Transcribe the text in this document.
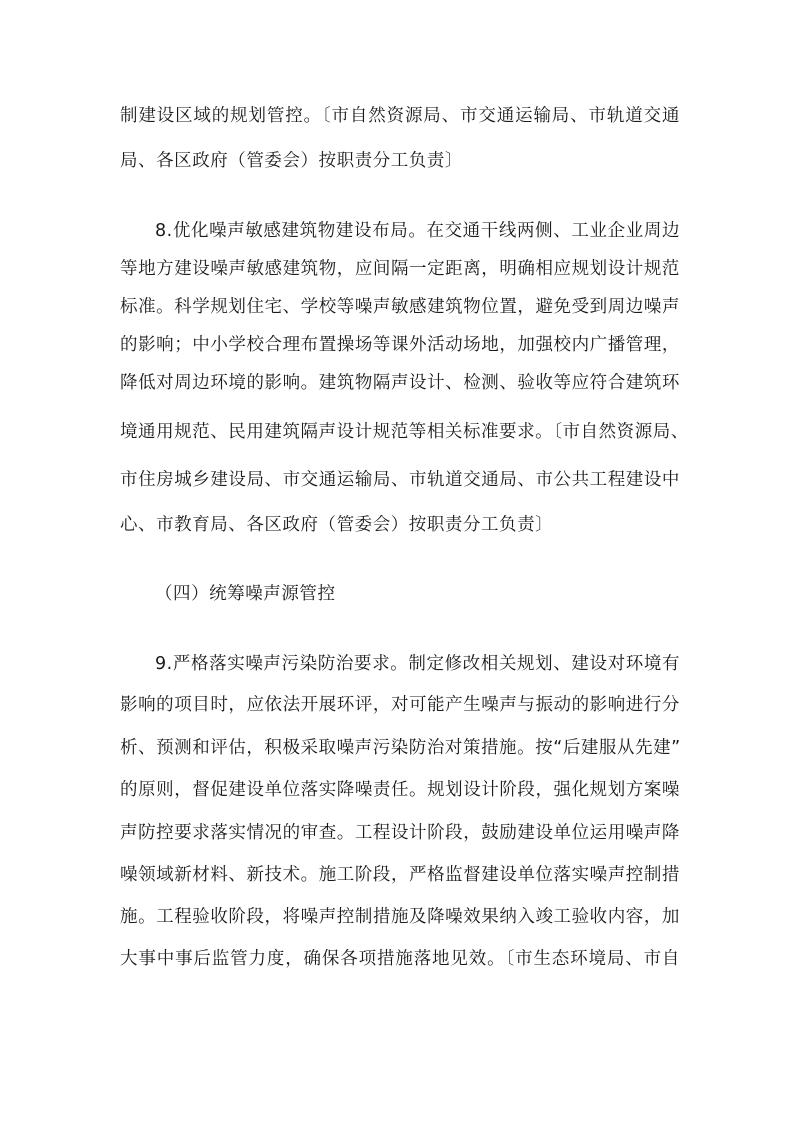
制建设区域的规划管控。〔市自然资源局、市交通运输局、市轨道交通
局、各区政府（管委会）按职责分工负责〕
8.优化噪声敏感建筑物建设布局。在交通干线两侧、工业企业周边
等地方建设噪声敏感建筑物，应间隔一定距离，明确相应规划设计规范
标准。科学规划住宅、学校等噪声敏感建筑物位置，避免受到周边噪声
的影响；中小学校合理布置操场等课外活动场地，加强校内广播管理，
降低对周边环境的影响。建筑物隔声设计、检测、验收等应符合建筑环
境通用规范、民用建筑隔声设计规范等相关标准要求。〔市自然资源局、
市住房城乡建设局、市交通运输局、市轨道交通局、市公共工程建设中
心、市教育局、各区政府（管委会）按职责分工负责〕
（四）统筹噪声源管控
9.严格落实噪声污染防治要求。制定修改相关规划、建设对环境有
影响的项目时，应依法开展环评，对可能产生噪声与振动的影响进行分
析、预测和评估，积极采取噪声污染防治对策措施。按“后建服从先建”
的原则，督促建设单位落实降噪责任。规划设计阶段，强化规划方案噪
声防控要求落实情况的审查。工程设计阶段，鼓励建设单位运用噪声降
噪领域新材料、新技术。施工阶段，严格监督建设单位落实噪声控制措
施。工程验收阶段，将噪声控制措施及降噪效果纳入竣工验收内容，加
大事中事后监管力度，确保各项措施落地见效。〔市生态环境局、市自
